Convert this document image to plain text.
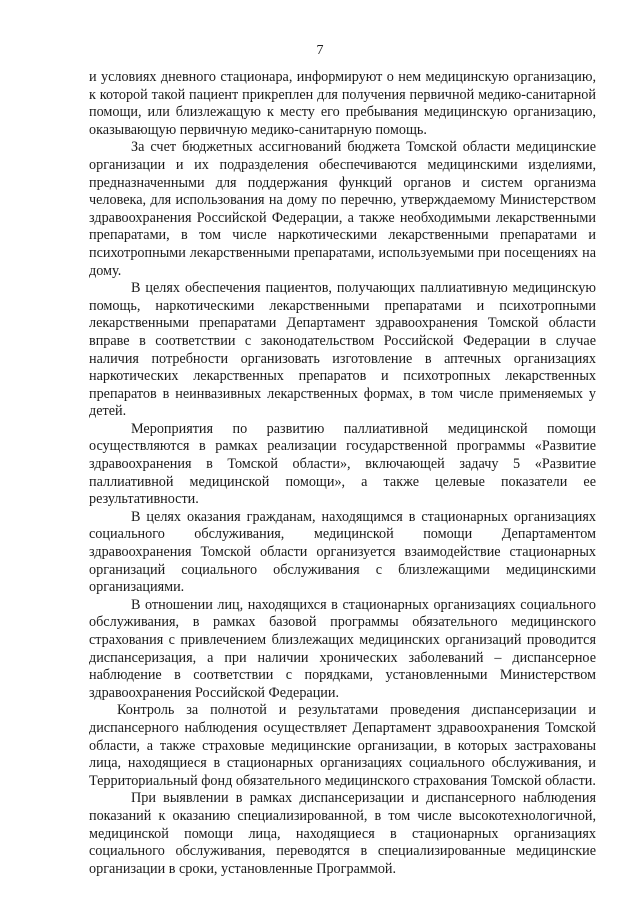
7

и условиях дневного стационара, информируют о нем медицинскую организацию, к которой такой пациент прикреплен для получения первичной медико-санитарной помощи, или близлежащую к месту его пребывания медицинскую организацию, оказывающую первичную медико-санитарную помощь.

За счет бюджетных ассигнований бюджета Томской области медицинские организации и их подразделения обеспечиваются медицинскими изделиями, предназначенными для поддержания функций органов и систем организма человека, для использования на дому по перечню, утверждаемому Министерством здравоохранения Российской Федерации, а также необходимыми лекарственными препаратами, в том числе наркотическими лекарственными препаратами и психотропными лекарственными препаратами, используемыми при посещениях на дому.

В целях обеспечения пациентов, получающих паллиативную медицинскую помощь, наркотическими лекарственными препаратами и психотропными лекарственными препаратами Департамент здравоохранения Томской области вправе в соответствии с законодательством Российской Федерации в случае наличия потребности организовать изготовление в аптечных организациях наркотических лекарственных препаратов и психотропных лекарственных препаратов в неинвазивных лекарственных формах, в том числе применяемых у детей.

Мероприятия по развитию паллиативной медицинской помощи осуществляются в рамках реализации государственной программы «Развитие здравоохранения в Томской области», включающей задачу 5 «Развитие паллиативной медицинской помощи», а также целевые показатели ее результативности.

В целях оказания гражданам, находящимся в стационарных организациях социального обслуживания, медицинской помощи Департаментом здравоохранения Томской области организуется взаимодействие стационарных организаций социального обслуживания с близлежащими медицинскими организациями.

В отношении лиц, находящихся в стационарных организациях социального обслуживания, в рамках базовой программы обязательного медицинского страхования с привлечением близлежащих медицинских организаций проводится диспансеризация, а при наличии хронических заболеваний – диспансерное наблюдение в соответствии с порядками, установленными Министерством здравоохранения Российской Федерации.

Контроль за полнотой и результатами проведения диспансеризации и диспансерного наблюдения осуществляет Департамент здравоохранения Томской области, а также страховые медицинские организации, в которых застрахованы лица, находящиеся в стационарных организациях социального обслуживания, и Территориальный фонд обязательного медицинского страхования Томской области.

При выявлении в рамках диспансеризации и диспансерного наблюдения показаний к оказанию специализированной, в том числе высокотехнологичной, медицинской помощи лица, находящиеся в стационарных организациях социального обслуживания, переводятся в специализированные медицинские организации в сроки, установленные Программой.
